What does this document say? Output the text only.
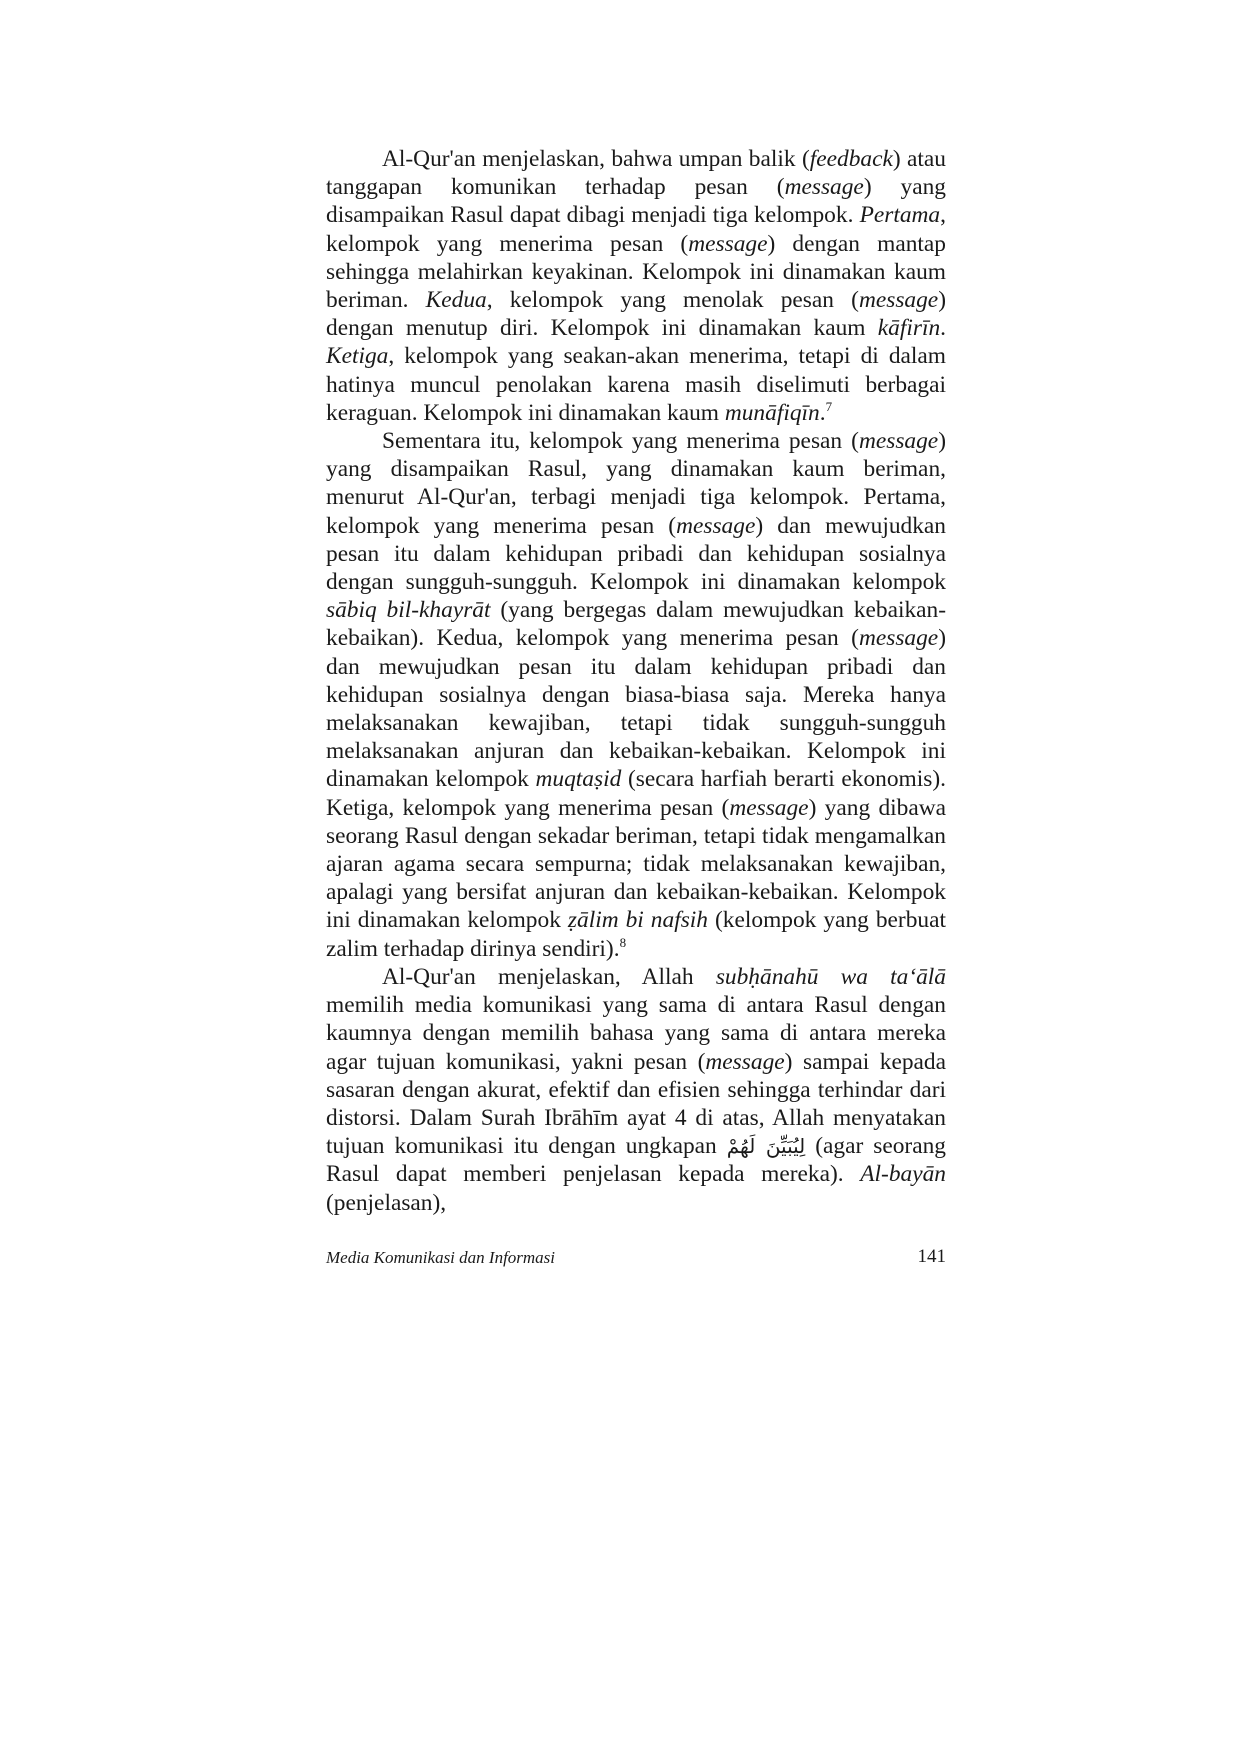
Al-Qur'an menjelaskan, bahwa umpan balik (feedback) atau tanggapan komunikan terhadap pesan (message) yang disampaikan Rasul dapat dibagi menjadi tiga kelompok. Pertama, kelompok yang menerima pesan (message) dengan mantap sehingga melahirkan keyakinan. Kelompok ini dinamakan kaum beriman. Kedua, kelompok yang menolak pesan (message) dengan menutup diri. Kelompok ini dinamakan kaum kāfirīn. Ketiga, kelompok yang seakan-akan menerima, tetapi di dalam hatinya muncul penolakan karena masih diselimuti berbagai keraguan. Kelompok ini dinamakan kaum munāfiqīn.$^7$

Sementara itu, kelompok yang menerima pesan (message) yang disampaikan Rasul, yang dinamakan kaum beriman, menurut Al-Qur'an, terbagi menjadi tiga kelompok. Pertama, kelompok yang menerima pesan (message) dan mewujudkan pesan itu dalam kehidupan pribadi dan kehidupan sosialnya dengan sungguh-sungguh. Kelompok ini dinamakan kelompok sābiq bil-khayrāt (yang bergegas dalam mewujudkan kebaikan-kebaikan). Kedua, kelompok yang menerima pesan (message) dan mewujudkan pesan itu dalam kehidupan pribadi dan kehidupan sosialnya dengan biasa-biasa saja. Mereka hanya melaksanakan kewajiban, tetapi tidak sungguh-sungguh melaksanakan anjuran dan kebaikan-kebaikan. Kelompok ini dinamakan kelompok muqtaṣid (secara harfiah berarti ekonomis). Ketiga, kelompok yang menerima pesan (message) yang dibawa seorang Rasul dengan sekadar beriman, tetapi tidak mengamalkan ajaran agama secara sempurna; tidak melaksanakan kewajiban, apalagi yang bersifat anjuran dan kebaikan-kebaikan. Kelompok ini dinamakan kelompok ẓālim bi nafsih (kelompok yang berbuat zalim terhadap dirinya sendiri).$^8$

Al-Qur'an menjelaskan, Allah subḥānahū wa ta‘ālā memilih media komunikasi yang sama di antara Rasul dengan kaumnya dengan memilih bahasa yang sama di antara mereka agar tujuan komunikasi, yakni pesan (message) sampai kepada sasaran dengan akurat, efektif dan efisien sehingga terhindar dari distorsi. Dalam Surah Ibrāhīm ayat 4 di atas, Allah menyatakan tujuan komunikasi itu dengan ungkapan لِيُبَيِّنَ لَهُمْ (agar seorang Rasul dapat memberi penjelasan kepada mereka). Al-bayān (penjelasan),

Media Komunikasi dan Informasi	141
